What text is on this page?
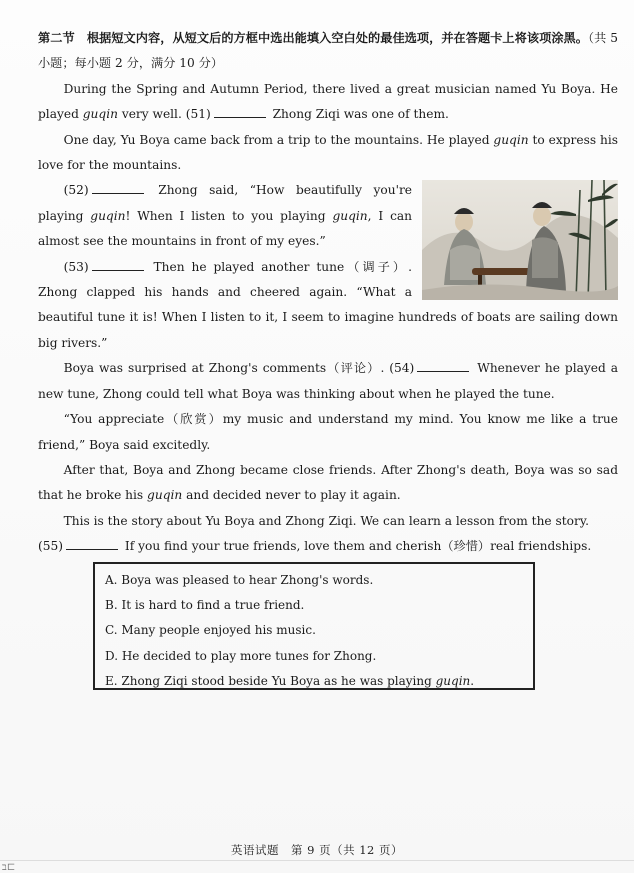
第二节　根据短文内容，从短文后的方框中选出能填入空白处的最佳选项，并在答题卡上将该项涂黑。（共 5 小题；每小题 2 分，满分 10 分）

During the Spring and Autumn Period, there lived a great musician named Yu Boya. He played guqin very well. (51)	Zhong Ziqi was one of them.

One day, Yu Boya came back from a trip to the mountains. He played guqin to express his love for the mountains.

(52)	Zhong said, “How beautifully you're playing guqin! When I listen to you playing guqin, I can almost see the mountains in front of my eyes.”

(53)	Then he played another tune（调子）. Zhong clapped his hands and cheered again. “What a beautiful tune it is! When I listen to it, I seem to imagine hundreds of boats are sailing down big rivers.”

Boya was surprised at Zhong's comments（评论）. (54)	Whenever he played a new tune, Zhong could tell what Boya was thinking about when he played the tune.

“You appreciate（欣赏）my music and understand my mind. You know me like a true friend,” Boya said excitedly.

After that, Boya and Zhong became close friends. After Zhong's death, Boya was so sad that he broke his guqin and decided never to play it again.

This is the story about Yu Boya and Zhong Ziqi. We can learn a lesson from the story.

(55)	If you find your true friends, love them and cherish（珍惜）real friendships.

A. Boya was pleased to hear Zhong's words.
B. It is hard to find a true friend.
C. Many people enjoyed his music.
D. He decided to play more tunes for Zhong.
E. Zhong Ziqi stood beside Yu Boya as he was playing guqin.
英语试题　第 9 页（共 12 页）
ב⊏
